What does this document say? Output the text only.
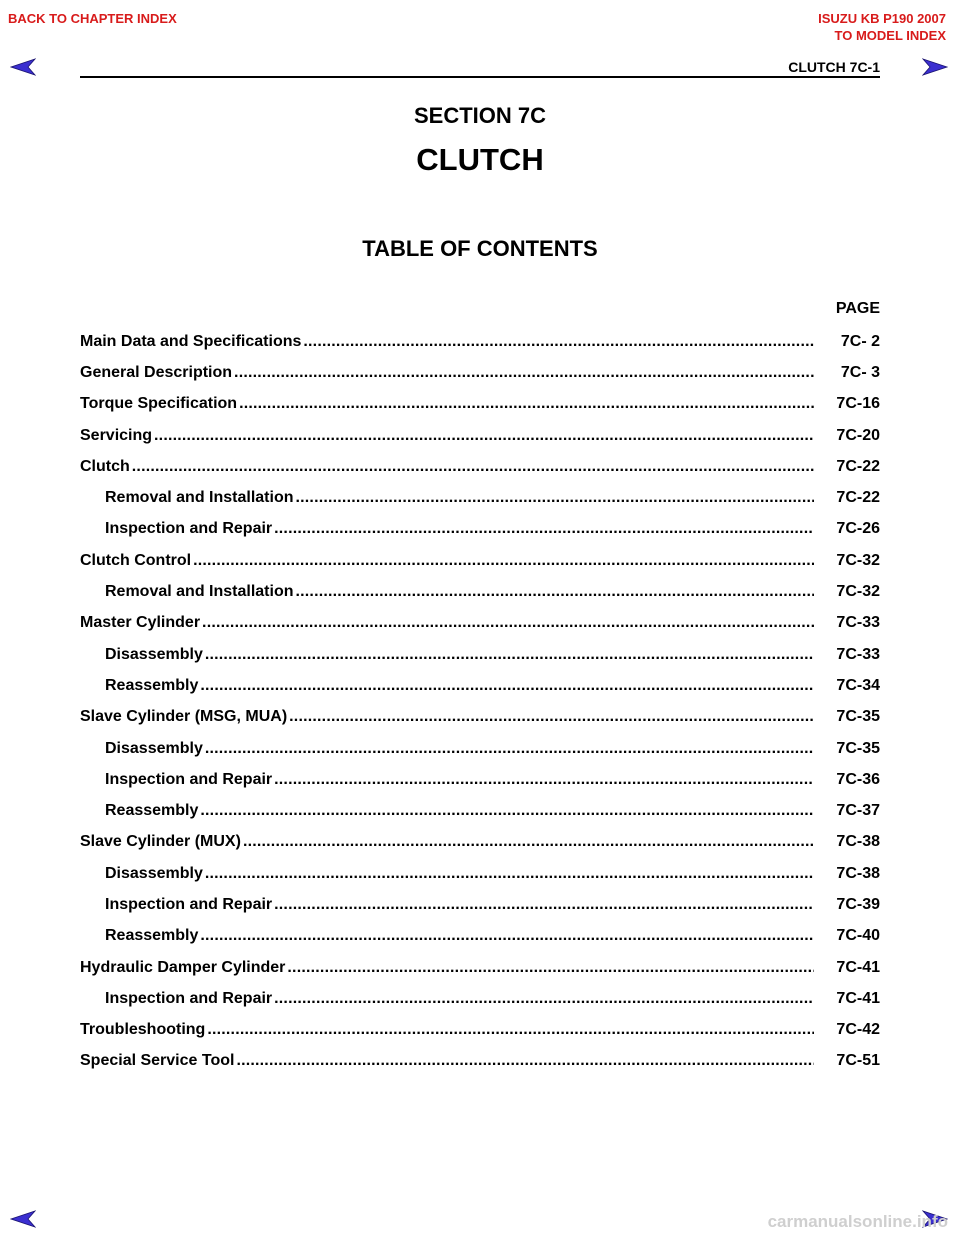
BACK TO CHAPTER INDEX	ISUZU KB P190 2007
TO MODEL INDEX
CLUTCH 7C-1
SECTION 7C
CLUTCH
TABLE OF CONTENTS
PAGE
Main Data and Specifications .....	7C- 2
General Description .....	7C- 3
Torque Specification .....	7C-16
Servicing .....	7C-20
Clutch .....	7C-22
Removal and Installation .....	7C-22
Inspection and Repair .....	7C-26
Clutch Control .....	7C-32
Removal and Installation .....	7C-32
Master Cylinder .....	7C-33
Disassembly .....	7C-33
Reassembly .....	7C-34
Slave Cylinder (MSG, MUA) .....	7C-35
Disassembly .....	7C-35
Inspection and Repair .....	7C-36
Reassembly .....	7C-37
Slave Cylinder (MUX) .....	7C-38
Disassembly .....	7C-38
Inspection and Repair .....	7C-39
Reassembly .....	7C-40
Hydraulic Damper Cylinder .....	7C-41
Inspection and Repair .....	7C-41
Troubleshooting .....	7C-42
Special Service Tool .....	7C-51
carmanualsonline.info
